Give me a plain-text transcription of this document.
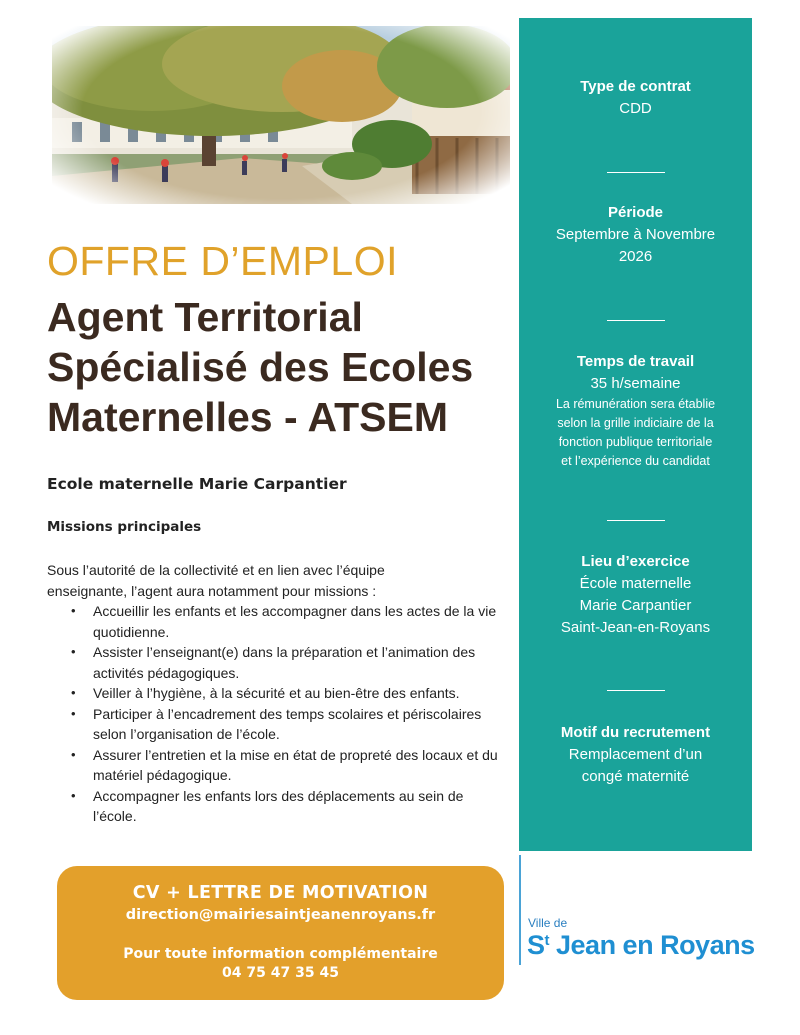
OFFRE D’EMPLOI
Agent Territorial
Spécialisé des Ecoles
Maternelles - ATSEM
Ecole maternelle Marie Carpantier
Missions principales
Sous l’autorité de la collectivité et en lien avec l’équipe
enseignante, l’agent aura notamment pour missions :
• Accueillir les enfants et les accompagner dans les actes de la vie quotidienne.
• Assister l’enseignant(e) dans la préparation et l’animation des activités pédagogiques.
• Veiller à l’hygiène, à la sécurité et au bien-être des enfants.
• Participer à l’encadrement des temps scolaires et périscolaires selon l’organisation de l’école.
• Assurer l’entretien et la mise en état de propreté des locaux et du matériel pédagogique.
• Accompagner les enfants lors des déplacements au sein de l’école.
Type de contrat
CDD
Période
Septembre à Novembre
2026
Temps de travail
35 h/semaine
La rémunération sera établie
selon la grille indiciaire de la
fonction publique territoriale
et l’expérience du candidat
Lieu d’exercice
École maternelle
Marie Carpantier
Saint-Jean-en-Royans
Motif du recrutement
Remplacement d’un
congé maternité
CV + LETTRE DE MOTIVATION
direction@mairiesaintjeanenroyans.fr
Pour toute information complémentaire
04 75 47 35 45
Ville de
$S^t$ Jean en Royans
